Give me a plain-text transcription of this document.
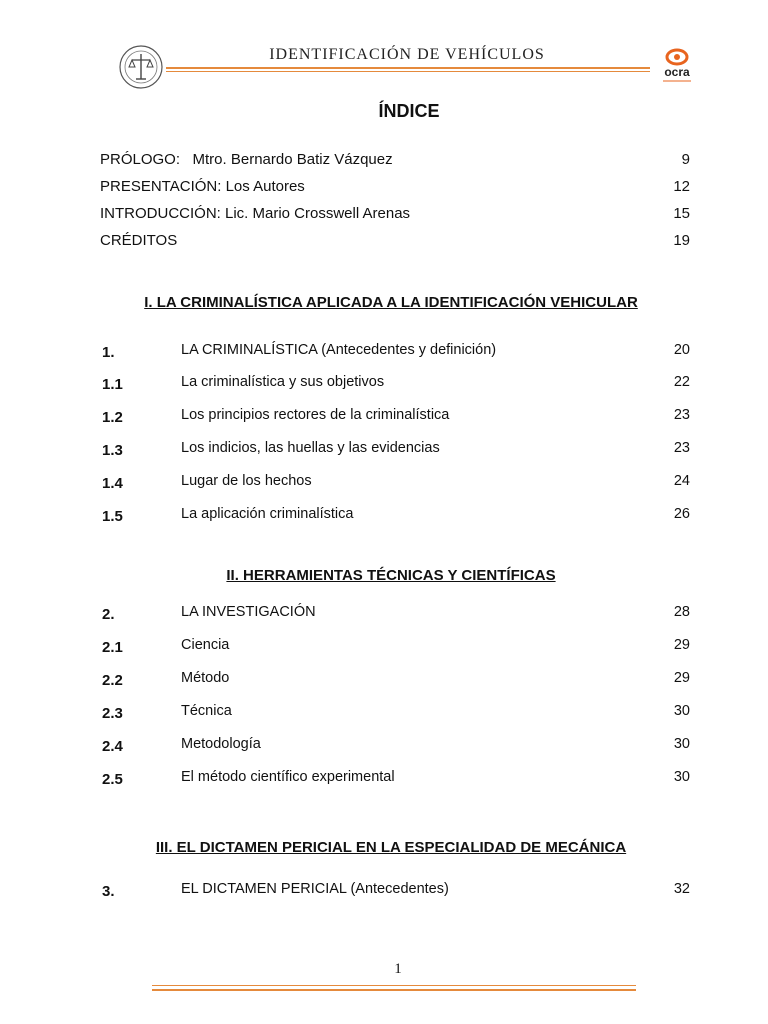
IDENTIFICACIÓN DE VEHÍCULOS
ocra
ÍNDICE
PRÓLOGO:   Mtro. Bernardo Batiz Vázquez	9
PRESENTACIÓN: Los Autores	12
INTRODUCCIÓN: Lic. Mario Crosswell Arenas	15
CRÉDITOS	19
I. LA CRIMINALÍSTICA APLICADA A LA IDENTIFICACIÓN VEHICULAR
1.	LA CRIMINALÍSTICA (Antecedentes y definición)	20
1.1	La criminalística y sus objetivos	22
1.2	Los principios rectores de la criminalística	23
1.3	Los indicios, las huellas y las evidencias	23
1.4	Lugar de los hechos	24
1.5	La aplicación criminalística	26
II. HERRAMIENTAS TÉCNICAS Y CIENTÍFICAS
2.	LA INVESTIGACIÓN	28
2.1	Ciencia	29
2.2	Método	29
2.3	Técnica	30
2.4	Metodología	30
2.5	El método científico experimental	30
III. EL DICTAMEN PERICIAL EN LA ESPECIALIDAD DE MECÁNICA
3.	EL DICTAMEN PERICIAL (Antecedentes)	32
1
